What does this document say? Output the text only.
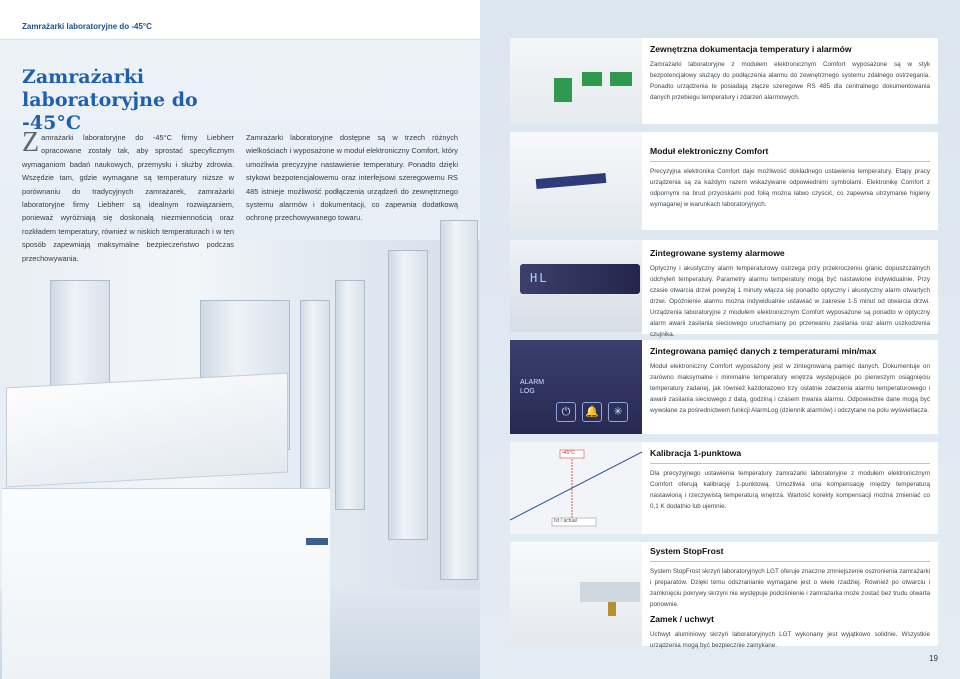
Zamrażarki laboratoryjne do -45°C
Zamrażarki laboratoryjne do -45°C
Z amrażarki laboratoryjne do -45°C firmy Liebherr opracowane zostały tak, aby sprostać specyficznym wymaganiom badań naukowych, przemysłu i służby zdrowia. Wszędzie tam, gdzie wymagane są temperatury niższe w porównaniu do tradycyjnych zamrażarek, zamrażarki laboratoryjne firmy Liebherr są idealnym rozwiązaniem, ponieważ wyróżniają się doskonałą niezmiennością oraz rozkładem temperatury, również w niskich temperaturach i w ten sposób zapewniają maksymalne bezpieczeństwo podczas przechowywania.
Zamrażarki laboratoryjne dostępne są w trzech różnych wielkościach i wyposażone w moduł elektroniczny Comfort, który umożliwia precyzyjne nastawienie temperatury. Ponadto dzięki stykowi bezpotencjałowemu oraz interfejsowi szeregowemu RS 485 istnieje możliwość podłączenia urządzeń do zewnętrznego systemu alarmów i dokumentacji, co zapewnia dodatkową ochronę przechowywanego towaru.
HL
ALARM LOG
⏻	🔔	✳
-45°C
Ist / actual
Zewnętrzna dokumentacja temperatury i alarmów

Zamrażarki laboratoryjne z modułem elektronicznym Comfort wyposażone są w styk bezpotencjałowy służący do podłączenia alarmu do zewnętrznego systemu zdalnego ostrzegania. Ponadto urządzenia te posiadają złącze szeregowe RS 485 dla centralnego dokumentowania danych przebiegu temperatury i zdarzeń alarmowych.

Moduł elektroniczny Comfort

Precyzyjna elektronika Comfort daje możliwość dokładnego ustawienia temperatury. Etapy pracy urządzenia są za każdym razem wskazywane odpowiednimi symbolami. Elektronikę Comfort z odpornymi na brud przyciskami pod folią można łatwo czyścić, co zapewnia utrzymanie higieny wymaganej w warunkach laboratoryjnych.

Zintegrowane systemy alarmowe

Optyczny i akustyczny alarm temperaturowy ostrzega przy przekroczeniu granic dopuszczalnych odchyleń temperatury. Parametry alarmu temperatury mogą być nastawione indywidualnie. Przy czasie otwarcia drzwi powyżej 1 minuty włącza się ponadto optyczny i akustyczny alarm otwartych drzwi. Opóźnienie alarmu można indywidualnie ustawiać w zakresie 1-5 minut od otwarcia drzwi. Urządzenia laboratoryjne z modułem elektronicznym Comfort wyposażone są ponadto w optyczny alarm awarii zasilania sieciowego uruchamiany po przerwaniu zasilania oraz alarm uszkodzenia czujnika.

Zintegrowana pamięć danych z temperaturami min/max

Moduł elektroniczny Comfort wyposażony jest w zintegrowaną pamięć danych. Dokumentuje on zarówno maksymalne i minimalne temperatury wnętrza występujące po pierwszym osiągnięciu temperatury zadanej, jak również każdorazowo trzy ostatnie zdarzenia alarmu temperaturowego i awarii zasilania sieciowego z datą, godziną i czasem trwania alarmu. Odpowiednie dane mogą być wywołane za pośrednictwem funkcji AlarmLog (dziennik alarmów) i odczytane na polu wyświetlacza.

Kalibracja 1-punktowa

Dla precyzyjnego ustawienia temperatury zamrażarki laboratoryjne z modułem elektronicznym Comfort oferują kalibrację 1-punktową. Umożliwia ona kompensację między temperaturą nastawioną i rzeczywistą temperaturą wnętrza. Wartość korekty kompensacji można zmieniać co 0,1 K dodatnio lub ujemnie.

System StopFrost

System StopFrost skrzyń laboratoryjnych LGT oferuje znaczne zmniejszenie oszronienia zamrażarki i preparatów. Dzięki temu odszranianie wymagane jest o wiele rzadziej. Również po otwarciu i zamknięciu pokrywy skrzyni nie występuje podciśnienie i zamrażarka może zostać bez trudu otwarta ponownie.

Zamek / uchwyt

Uchwyt aluminiowy skrzyń laboratoryjnych LGT wykonany jest wyjątkowo solidnie. Wszystkie urządzenia mogą być bezpiecznie zamykane.

19
